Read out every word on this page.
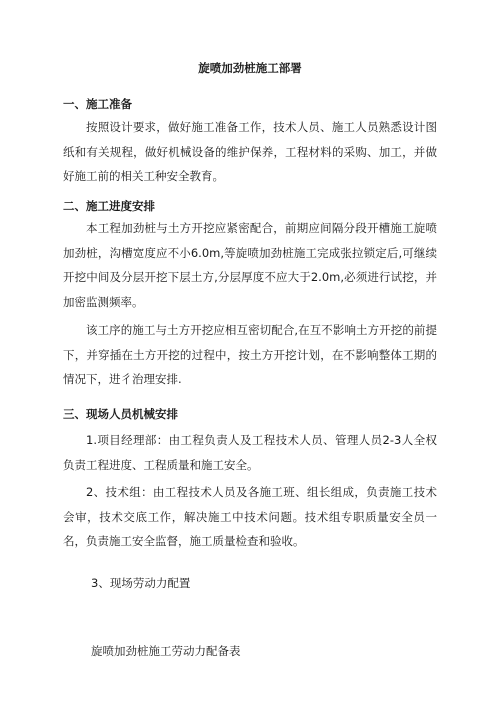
旋喷加劲桩施工部署
一、施工准备
按照设计要求，做好施工准备工作，技术人员、施工人员熟悉设计图纸和有关规程，做好机械设备的维护保养，工程材料的采购、加工，并做好施工前的相关工种安全教育。
二、施工进度安排
本工程加劲桩与土方开挖应紧密配合，前期应间隔分段开槽施工旋喷加劲桩，沟槽宽度应不小6.0m,等旋喷加劲桩施工完成张拉锁定后,可继续开挖中间及分层开挖下层土方,分层厚度不应大于2.0m,必须进行试挖，并加密监测频率。
该工序的施工与土方开挖应相互密切配合,在互不影响土方开挖的前提下，并穿插在土方开挖的过程中，按土方开挖计划，在不影响整体工期的情况下，进彳治理安排.
三、现场人员机械安排
1.项目经理部：由工程负责人及工程技术人员、管理人员2-3人全权负责工程进度、工程质量和施工安全。
2、技术组：由工程技术人员及各施工班、组长组成，负责施工技术会审，技术交底工作，解决施工中技术问题。技术组专职质量安全员一名，负责施工安全监督，施工质量检查和验收。
3、现场劳动力配置
旋喷加劲桩施工劳动力配备表
